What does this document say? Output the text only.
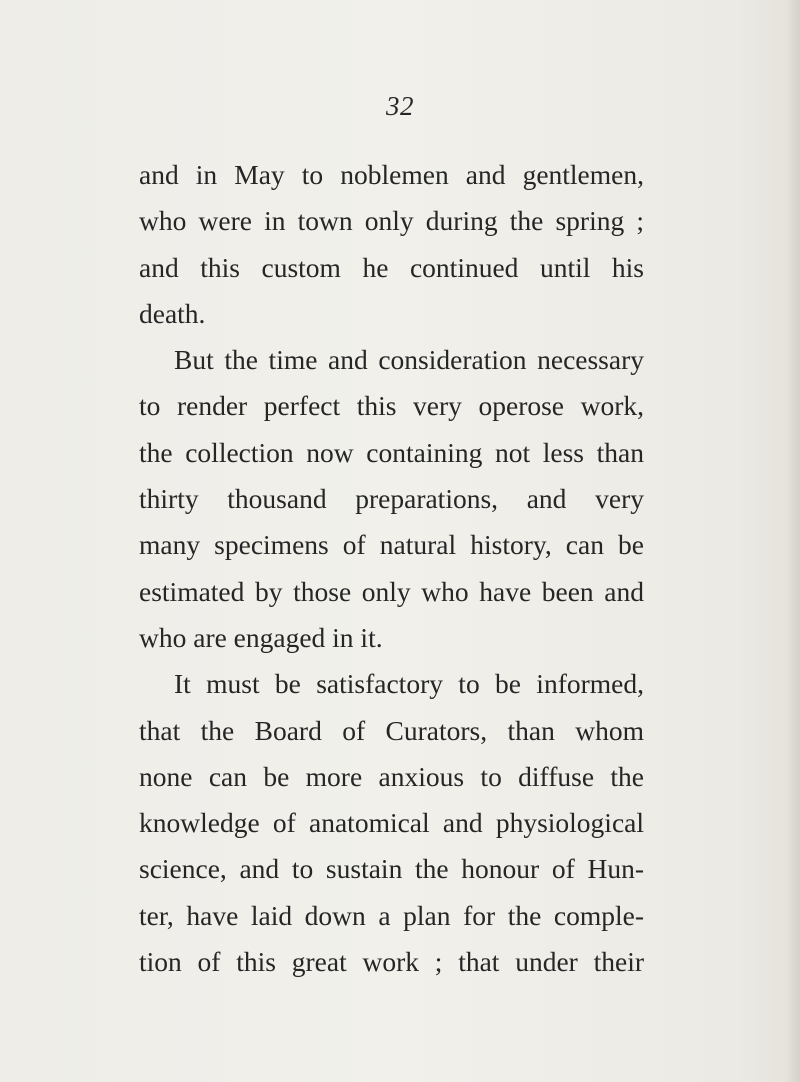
32
and in May to noblemen and gentlemen,
who were in town only during the spring ;
and this custom he continued until his
death.
But the time and consideration necessary
to render perfect this very operose work,
the collection now containing not less than
thirty thousand preparations, and very
many specimens of natural history, can be
estimated by those only who have been and
who are engaged in it.
It must be satisfactory to be informed,
that the Board of Curators, than whom
none can be more anxious to diffuse the
knowledge of anatomical and physiological
science, and to sustain the honour of Hun-
ter, have laid down a plan for the comple-
tion of this great work ; that under their
